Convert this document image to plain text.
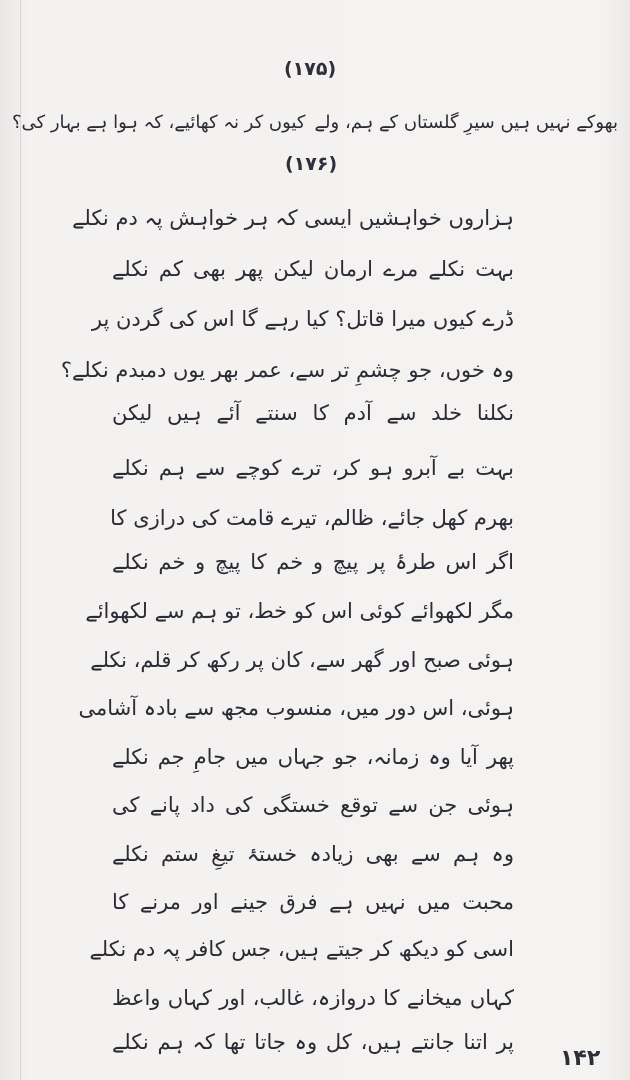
(۱۷۵)
بھوکے نہیں ہیں سیرِ گلستاں کے ہم، ولے
کیوں کر نہ کھائیے، کہ ہوا ہے بہار کی؟
(۱۷۶)
ہزاروں خواہشیں ایسی کہ ہر خواہش پہ دم نکلے
بہت نکلے مرے ارمان لیکن پھر بھی کم نکلے
ڈرے کیوں میرا قاتل؟ کیا رہے گا اس کی گردن پر
وہ خوں، جو چشمِ تر سے، عمر بھر یوں دمبدم نکلے؟
نکلنا خلد سے آدم کا سنتے آئے ہیں لیکن
بہت بے آبرو ہو کر، ترے کوچے سے ہم نکلے
بھرم کھل جائے، ظالم، تیرے قامت کی درازی کا
اگر اس طرۂ پر پیچ و خم کا پیچ و خم نکلے
مگر لکھوائے کوئی اس کو خط، تو ہم سے لکھوائے
ہوئی صبح اور گھر سے، کان پر رکھ کر قلم، نکلے
ہوئی، اس دور میں، منسوب مجھ سے بادہ آشامی
پھر آیا وہ زمانہ، جو جہاں میں جامِ جم نکلے
ہوئی جن سے توقع خستگی کی داد پانے کی
وہ ہم سے بھی زیادہ خستۂ تیغِ ستم نکلے
محبت میں نہیں ہے فرق جینے اور مرنے کا
اسی کو دیکھ کر جیتے ہیں، جس کافر پہ دم نکلے
کہاں میخانے کا دروازہ، غالب، اور کہاں واعظ
پر اتنا جانتے ہیں، کل وہ جاتا تھا کہ ہم نکلے
۱۴۲
